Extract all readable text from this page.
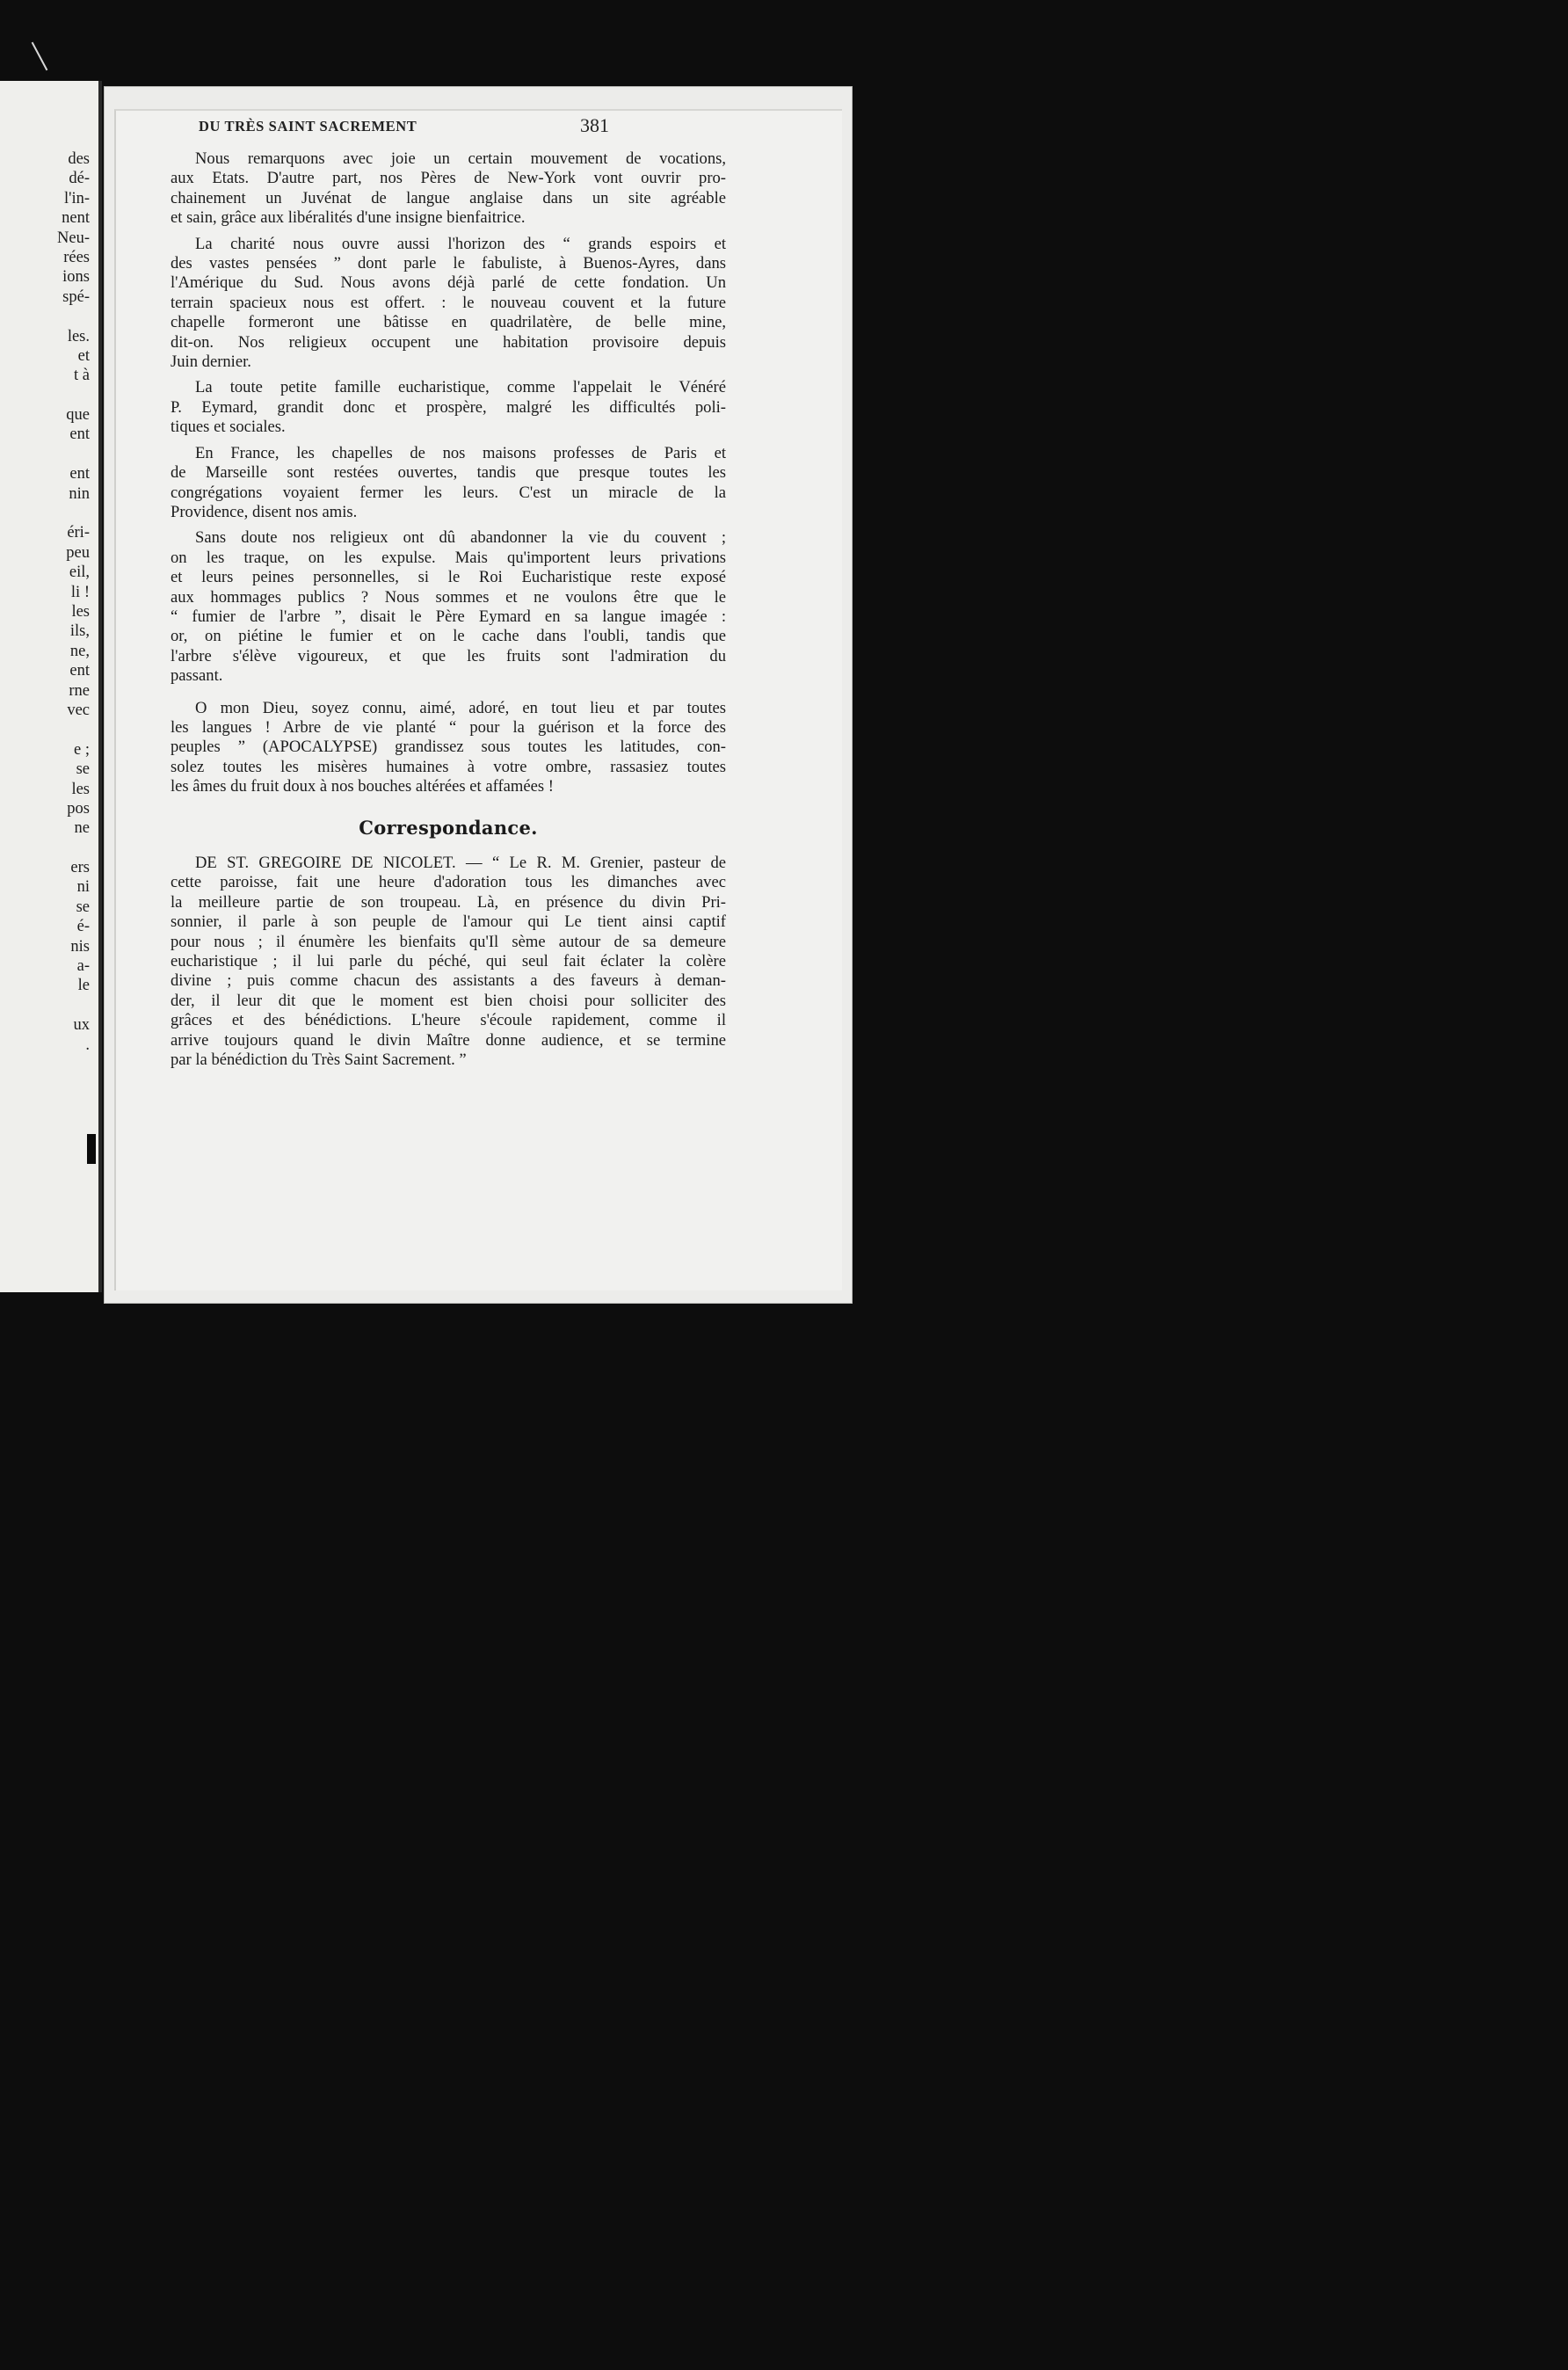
des
dé-
l'in-
nent
Neu-
rées
ions
spé-
les.
et
t à
que
ent
ent
nin
éri-
peu
eil,
li !
les
ils,
ne,
ent
rne
vec
e ;
se
les
pos
ne
ers
ni
se
é-
nis
a-
le
ux
.
DU TRÈS SAINT SACREMENT	381
Nous remarquons avec joie un certain mouvement de vocations,
aux Etats. D'autre part, nos Pères de New-York vont ouvrir pro-
chainement un Juvénat de langue anglaise dans un site agréable
et sain, grâce aux libéralités d'une insigne bienfaitrice.
La charité nous ouvre aussi l'horizon des “ grands espoirs et
des vastes pensées ” dont parle le fabuliste, à Buenos-Ayres, dans
l'Amérique du Sud. Nous avons déjà parlé de cette fondation. Un
terrain spacieux nous est offert. : le nouveau couvent et la future
chapelle formeront une bâtisse en quadrilatère, de belle mine,
dit-on. Nos religieux occupent une habitation provisoire depuis
Juin dernier.
La toute petite famille eucharistique, comme l'appelait le Vénéré
P. Eymard, grandit donc et prospère, malgré les difficultés poli-
tiques et sociales.
En France, les chapelles de nos maisons professes de Paris et
de Marseille sont restées ouvertes, tandis que presque toutes les
congrégations voyaient fermer les leurs. C'est un miracle de la
Providence, disent nos amis.
Sans doute nos religieux ont dû abandonner la vie du couvent ;
on les traque, on les expulse. Mais qu'importent leurs privations
et leurs peines personnelles, si le Roi Eucharistique reste exposé
aux hommages publics ? Nous sommes et ne voulons être que le
“ fumier de l'arbre ”, disait le Père Eymard en sa langue imagée :
or, on piétine le fumier et on le cache dans l'oubli, tandis que
l'arbre s'élève vigoureux, et que les fruits sont l'admiration du
passant.
O mon Dieu, soyez connu, aimé, adoré, en tout lieu et par toutes
les langues ! Arbre de vie planté “ pour la guérison et la force des
peuples ” (APOCALYPSE) grandissez sous toutes les latitudes, con-
solez toutes les misères humaines à votre ombre, rassasiez toutes
les âmes du fruit doux à nos bouches altérées et affamées !
Correspondance.
DE ST. GREGOIRE DE NICOLET. — “ Le R. M. Grenier, pasteur de
cette paroisse, fait une heure d'adoration tous les dimanches avec
la meilleure partie de son troupeau. Là, en présence du divin Pri-
sonnier, il parle à son peuple de l'amour qui Le tient ainsi captif
pour nous ; il énumère les bienfaits qu'Il sème autour de sa demeure
eucharistique ; il lui parle du péché, qui seul fait éclater la colère
divine ; puis comme chacun des assistants a des faveurs à deman-
der, il leur dit que le moment est bien choisi pour solliciter des
grâces et des bénédictions. L'heure s'écoule rapidement, comme il
arrive toujours quand le divin Maître donne audience, et se termine
par la bénédiction du Très Saint Sacrement. ”
